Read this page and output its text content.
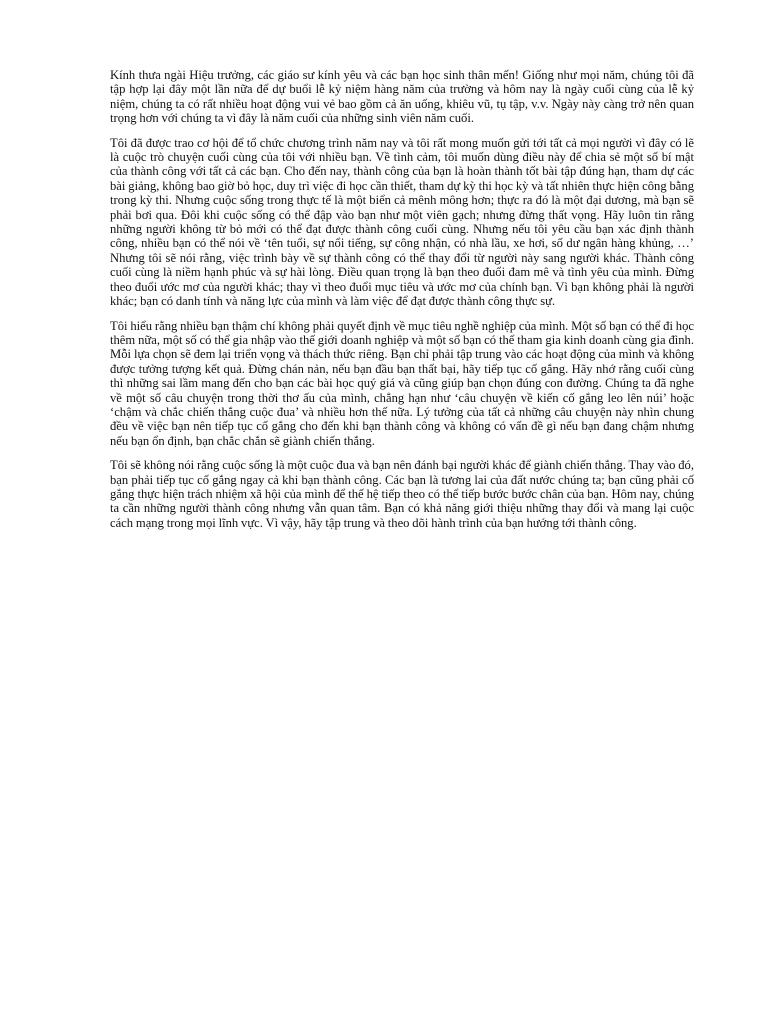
Kính thưa ngài Hiệu trưởng, các giáo sư kính yêu và các bạn học sinh thân mến! Giống như mọi năm, chúng tôi đã tập hợp lại đây một lần nữa để dự buổi lễ kỷ niệm hàng năm của trường và hôm nay là ngày cuối cùng của lễ kỷ niệm, chúng ta có rất nhiều hoạt động vui vẻ bao gồm cả ăn uống, khiêu vũ, tụ tập, v.v. Ngày này càng trở nên quan trọng hơn với chúng ta vì đây là năm cuối của những sinh viên năm cuối.

Tôi đã được trao cơ hội để tổ chức chương trình năm nay và tôi rất mong muốn gửi tới tất cả mọi người vì đây có lẽ là cuộc trò chuyện cuối cùng của tôi với nhiều bạn. Về tình cảm, tôi muốn dùng điều này để chia sẻ một số bí mật của thành công với tất cả các bạn. Cho đến nay, thành công của bạn là hoàn thành tốt bài tập đúng hạn, tham dự các bài giảng, không bao giờ bỏ học, duy trì việc đi học cần thiết, tham dự kỳ thi học kỳ và tất nhiên thực hiện công bằng trong kỳ thi. Nhưng cuộc sống trong thực tế là một biển cả mênh mông hơn; thực ra đó là một đại dương, mà bạn sẽ phải bơi qua. Đôi khi cuộc sống có thể đập vào bạn như một viên gạch; nhưng đừng thất vọng. Hãy luôn tin rằng những người không từ bỏ mới có thể đạt được thành công cuối cùng. Nhưng nếu tôi yêu cầu bạn xác định thành công, nhiều bạn có thể nói về ‘tên tuổi, sự nổi tiếng, sự công nhận, có nhà lầu, xe hơi, số dư ngân hàng khủng, …’ Nhưng tôi sẽ nói rằng, việc trình bày về sự thành công có thể thay đổi từ người này sang người khác. Thành công cuối cùng là niềm hạnh phúc và sự hài lòng. Điều quan trọng là bạn theo đuổi đam mê và tình yêu của mình. Đừng theo đuổi ước mơ của người khác; thay vì theo đuổi mục tiêu và ước mơ của chính bạn. Vì bạn không phải là người khác; bạn có danh tính và năng lực của mình và làm việc để đạt được thành công thực sự.

Tôi hiểu rằng nhiều bạn thậm chí không phải quyết định về mục tiêu nghề nghiệp của mình. Một số bạn có thể đi học thêm nữa, một số có thể gia nhập vào thế giới doanh nghiệp và một số bạn có thể tham gia kinh doanh cùng gia đình. Mỗi lựa chọn sẽ đem lại triển vọng và thách thức riêng. Bạn chỉ phải tập trung vào các hoạt động của mình và không được tưởng tượng kết quả. Đừng chán nản, nếu bạn đầu bạn thất bại, hãy tiếp tục cố gắng. Hãy nhớ rằng cuối cùng thì những sai lầm mang đến cho bạn các bài học quý giá và cũng giúp bạn chọn đúng con đường. Chúng ta đã nghe về một số câu chuyện trong thời thơ ấu của mình, chẳng hạn như ‘câu chuyện về kiến cố gắng leo lên núi’ hoặc ‘chậm và chắc chiến thắng cuộc đua’ và nhiều hơn thế nữa. Lý tưởng của tất cả những câu chuyện này nhìn chung đều về việc bạn nên tiếp tục cố gắng cho đến khi bạn thành công và không có vấn đề gì nếu bạn đang chậm nhưng nếu bạn ổn định, bạn chắc chắn sẽ giành chiến thắng.

Tôi sẽ không nói rằng cuộc sống là một cuộc đua và bạn nên đánh bại người khác để giành chiến thắng. Thay vào đó, bạn phải tiếp tục cố gắng ngay cả khi bạn thành công. Các bạn là tương lai của đất nước chúng ta; bạn cũng phải cố gắng thực hiện trách nhiệm xã hội của mình để thế hệ tiếp theo có thể tiếp bước bước chân của bạn. Hôm nay, chúng ta cần những người thành công nhưng vẫn quan tâm. Bạn có khả năng giới thiệu những thay đổi và mang lại cuộc cách mạng trong mọi lĩnh vực. Vì vậy, hãy tập trung và theo dõi hành trình của bạn hướng tới thành công.
